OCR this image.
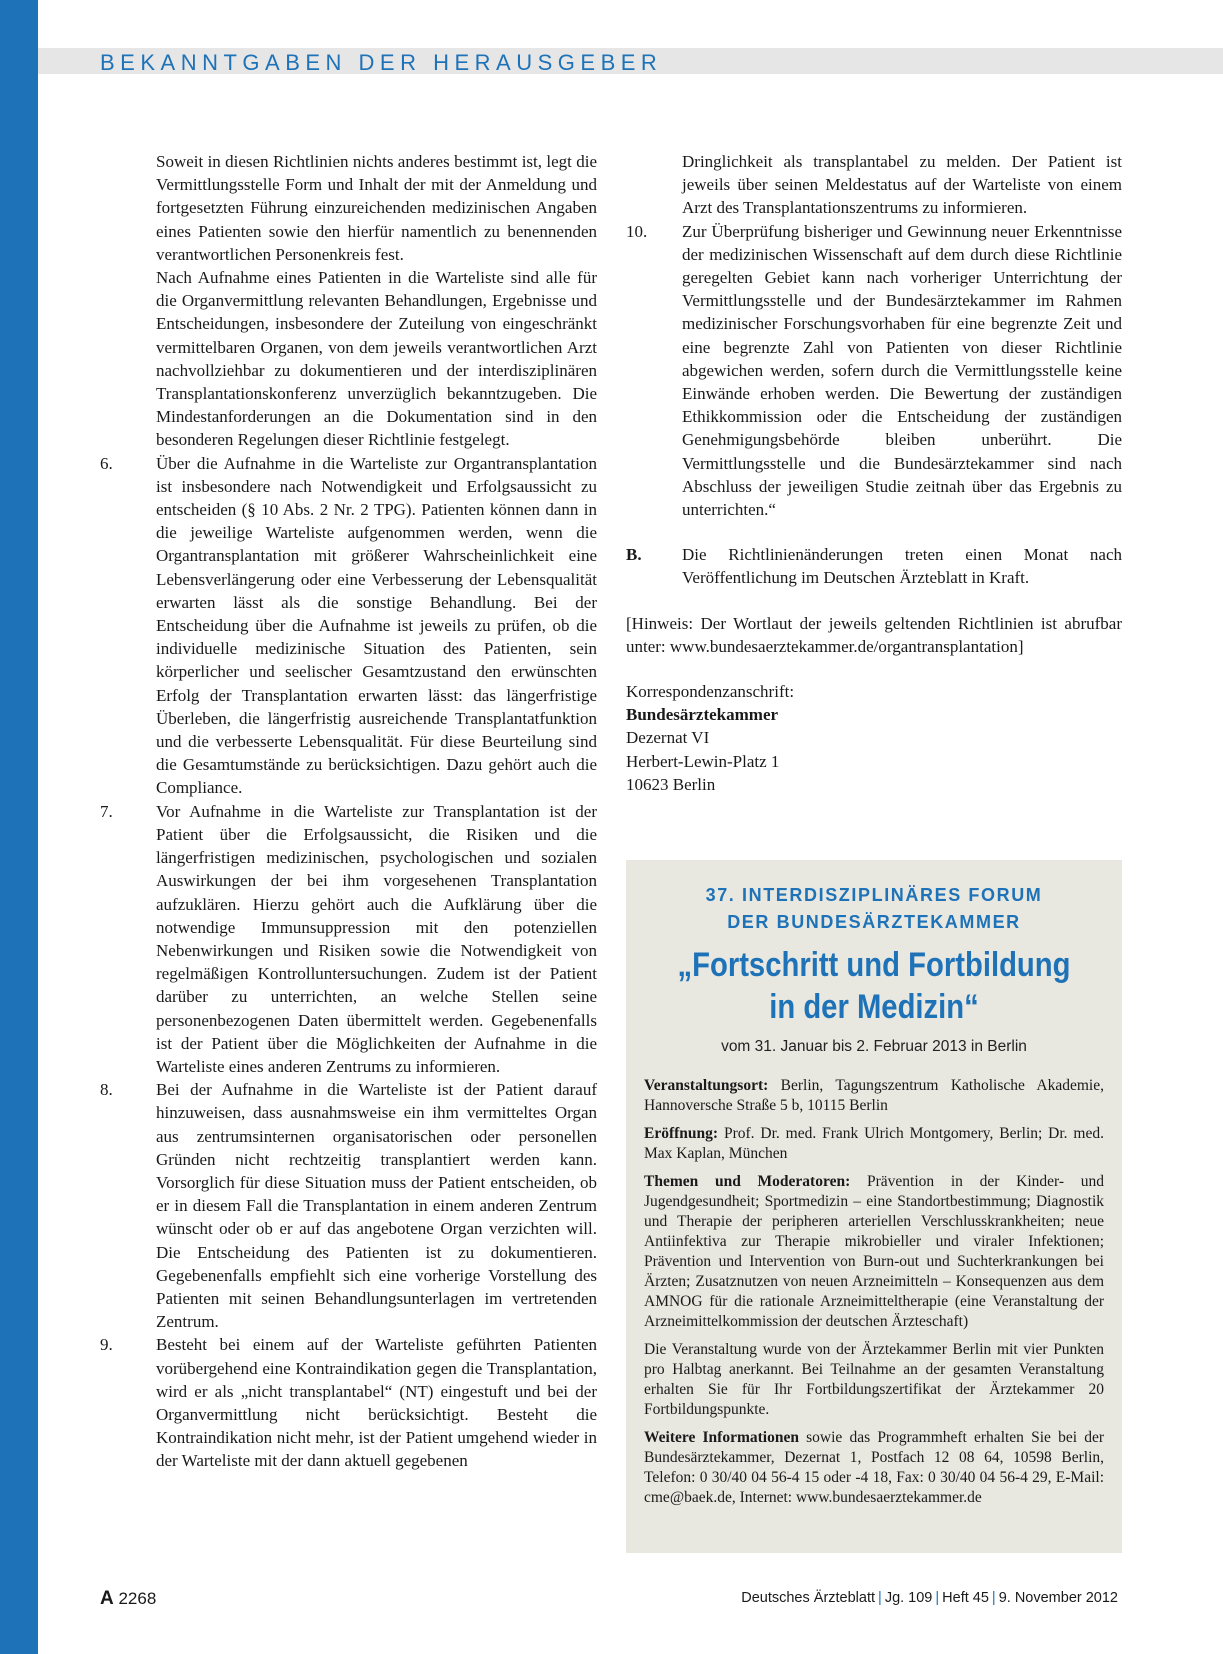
BEKANNTGABEN DER HERAUSGEBER

Soweit in diesen Richtlinien nichts anderes bestimmt ist, legt die Vermittlungsstelle Form und Inhalt der mit der Anmeldung und fortgesetzten Führung einzureichenden medizinischen Angaben eines Patienten sowie den hierfür namentlich zu benennenden verantwortlichen Personenkreis fest.

Nach Aufnahme eines Patienten in die Warteliste sind alle für die Organvermittlung relevanten Behandlungen, Ergebnisse und Entscheidungen, insbesondere der Zuteilung von eingeschränkt vermittelbaren Organen, von dem jeweils verantwortlichen Arzt nachvollziehbar zu dokumentieren und der interdisziplinären Transplantationskonferenz unverzüglich bekanntzugeben. Die Mindestanforderungen an die Dokumentation sind in den besonderen Regelungen dieser Richtlinie festgelegt.

6.	Über die Aufnahme in die Warteliste zur Organtransplantation ist insbesondere nach Notwendigkeit und Erfolgsaussicht zu entscheiden (§ 10 Abs. 2 Nr. 2 TPG). Patienten können dann in die jeweilige Warteliste aufgenommen werden, wenn die Organtransplantation mit größerer Wahrscheinlichkeit eine Lebensverlängerung oder eine Verbesserung der Lebensqualität erwarten lässt als die sonstige Behandlung. Bei der Entscheidung über die Aufnahme ist jeweils zu prüfen, ob die individuelle medizinische Situation des Patienten, sein körperlicher und seelischer Gesamtzustand den erwünschten Erfolg der Transplantation erwarten lässt: das längerfristige Überleben, die längerfristig ausreichende Transplantatfunktion und die verbesserte Lebensqualität. Für diese Beurteilung sind die Gesamtumstände zu berücksichtigen. Dazu gehört auch die Compliance.
7.	Vor Aufnahme in die Warteliste zur Transplantation ist der Patient über die Erfolgsaussicht, die Risiken und die längerfristigen medizinischen, psychologischen und sozialen Auswirkungen der bei ihm vorgesehenen Transplantation aufzuklären. Hierzu gehört auch die Aufklärung über die notwendige Immunsuppression mit den potenziellen Nebenwirkungen und Risiken sowie die Notwendigkeit von regelmäßigen Kontrolluntersuchungen. Zudem ist der Patient darüber zu unterrichten, an welche Stellen seine personenbezogenen Daten übermittelt werden. Gegebenenfalls ist der Patient über die Möglichkeiten der Aufnahme in die Warteliste eines anderen Zentrums zu informieren.
8.	Bei der Aufnahme in die Warteliste ist der Patient darauf hinzuweisen, dass ausnahmsweise ein ihm vermitteltes Organ aus zentrumsinternen organisatorischen oder personellen Gründen nicht rechtzeitig transplantiert werden kann. Vorsorglich für diese Situation muss der Patient entscheiden, ob er in diesem Fall die Transplantation in einem anderen Zentrum wünscht oder ob er auf das angebotene Organ verzichten will. Die Entscheidung des Patienten ist zu dokumentieren. Gegebenenfalls empfiehlt sich eine vorherige Vorstellung des Patienten mit seinen Behandlungsunterlagen im vertretenden Zentrum.
9.	Besteht bei einem auf der Warteliste geführten Patienten vorübergehend eine Kontraindikation gegen die Transplantation, wird er als „nicht transplantabel“ (NT) eingestuft und bei der Organvermittlung nicht berücksichtigt. Besteht die Kontraindikation nicht mehr, ist der Patient umgehend wieder in der Warteliste mit der dann aktuell gegebenen

Dringlichkeit als transplantabel zu melden. Der Patient ist jeweils über seinen Meldestatus auf der Warteliste von einem Arzt des Transplantationszentrums zu informieren.

10.	Zur Überprüfung bisheriger und Gewinnung neuer Erkenntnisse der medizinischen Wissenschaft auf dem durch diese Richtlinie geregelten Gebiet kann nach vorheriger Unterrichtung der Vermittlungsstelle und der Bundesärztekammer im Rahmen medizinischer Forschungsvorhaben für eine begrenzte Zeit und eine begrenzte Zahl von Patienten von dieser Richtlinie abgewichen werden, sofern durch die Vermittlungsstelle keine Einwände erhoben werden. Die Bewertung der zuständigen Ethikkommission oder die Entscheidung der zuständigen Genehmigungsbehörde bleiben unberührt. Die Vermittlungsstelle und die Bundesärztekammer sind nach Abschluss der jeweiligen Studie zeitnah über das Ergebnis zu unterrichten.“
B.	Die Richtlinienänderungen treten einen Monat nach Veröffentlichung im Deutschen Ärzteblatt in Kraft.

[Hinweis: Der Wortlaut der jeweils geltenden Richtlinien ist abrufbar unter: www.bundesaerztekammer.de/organtransplantation]

Korrespondenzanschrift:
Bundesärztekammer
Dezernat VI
Herbert-Lewin-Platz 1
10623 Berlin
37. INTERDISZIPLINÄRES FORUM
DER BUNDESÄRZTEKAMMER
„Fortschritt und Fortbildung
in der Medizin“
vom 31. Januar bis 2. Februar 2013 in Berlin

Veranstaltungsort: Berlin, Tagungszentrum Katholische Akademie, Hannoversche Straße 5 b, 10115 Berlin

Eröffnung: Prof. Dr. med. Frank Ulrich Montgomery, Berlin; Dr. med. Max Kaplan, München

Themen und Moderatoren: Prävention in der Kinder- und Jugendgesundheit; Sportmedizin – eine Standortbestimmung; Diagnostik und Therapie der peripheren arteriellen Verschlusskrankheiten; neue Antiinfektiva zur Therapie mikrobieller und viraler Infektionen; Prävention und Intervention von Burn-out und Suchterkrankungen bei Ärzten; Zusatznutzen von neuen Arzneimitteln – Konsequenzen aus dem AMNOG für die rationale Arzneimitteltherapie (eine Veranstaltung der Arzneimittelkommission der deutschen Ärzteschaft)

Die Veranstaltung wurde von der Ärztekammer Berlin mit vier Punkten pro Halbtag anerkannt. Bei Teilnahme an der gesamten Veranstaltung erhalten Sie für Ihr Fortbildungszertifikat der Ärztekammer 20 Fortbildungspunkte.

Weitere Informationen sowie das Programmheft erhalten Sie bei der Bundesärztekammer, Dezernat 1, Postfach 12 08 64, 10598 Berlin, Telefon: 0 30/40 04 56-4 15 oder -4 18, Fax: 0 30/40 04 56-4 29, E-Mail: cme@baek.de, Internet: www.bundesaerztekammer.de

A 2268	Deutsches Ärzteblatt | Jg. 109 | Heft 45 | 9. November 2012
